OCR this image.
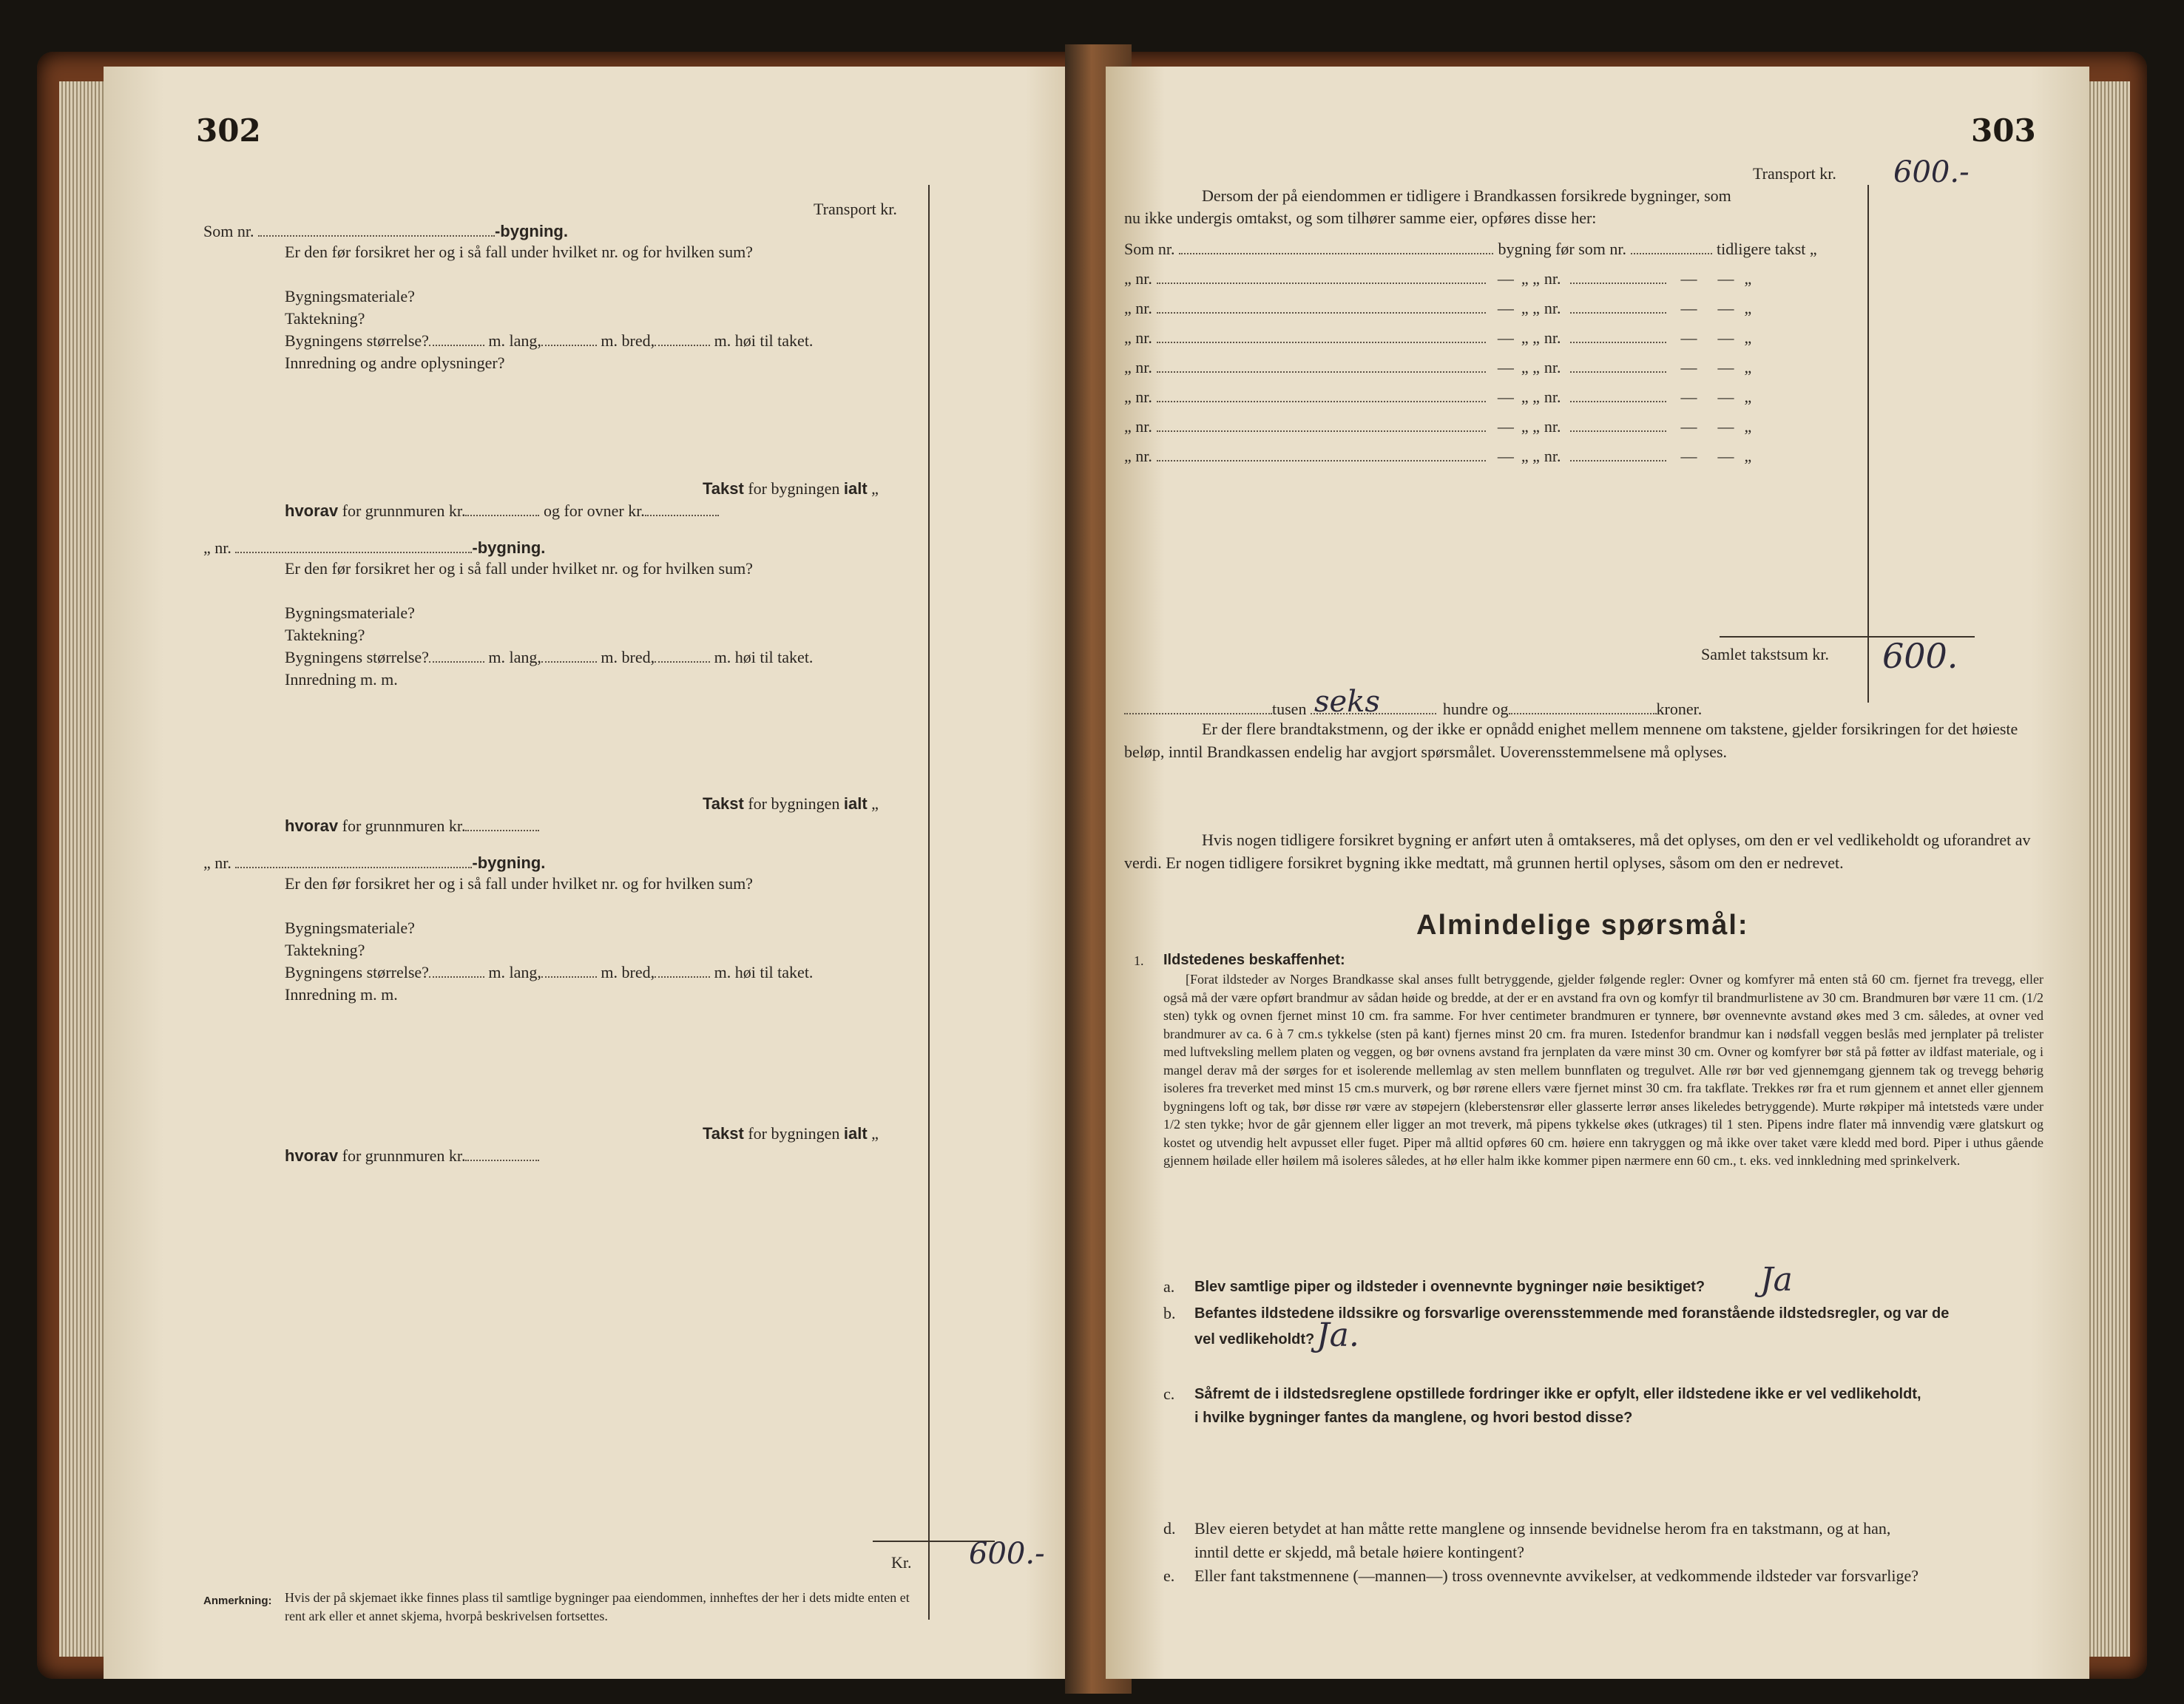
302
Transport kr.
Som nr.	-bygning.
Er den før forsikret her og i så fall under hvilket nr. og for hvilken sum?
Bygningsmateriale?
Taktekning?
Bygningens størrelse?	m. lang,	m. bred,	m. høi til taket.
Innredning og andre oplysninger?
Takst for bygningen ialt „
hvorav for grunnmuren kr.	og for ovner kr.
„ nr.	-bygning.
Er den før forsikret her og i så fall under hvilket nr. og for hvilken sum?
Bygningsmateriale?
Taktekning?
Bygningens størrelse?	m. lang,	m. bred,	m. høi til taket.
Innredning m. m.
Takst for bygningen ialt „
hvorav for grunnmuren kr.
„ nr.	-bygning.
Er den før forsikret her og i så fall under hvilket nr. og for hvilken sum?
Bygningsmateriale?
Taktekning?
Bygningens størrelse?	m. lang,	m. bred,	m. høi til taket.
Innredning m. m.
Takst for bygningen ialt „
hvorav for grunnmuren kr.
Kr. 600.-
Anmerkning: Hvis der på skjemaet ikke finnes plass til samtlige bygninger paa eiendommen, innheftes der her i dets midte enten et
rent ark eller et annet skjema, hvorpå beskrivelsen fortsettes.
303
Transport kr. 600.-
Dersom der på eiendommen er tidligere i Brandkassen forsikrede bygninger, som
nu ikke undergis omtakst, og som tilhører samme eier, opføres disse her:
Som nr.	bygning før som nr.	tidligere takst „
Samlet takstsum kr. 600.
tusen seks	hundre og	kroner.
Er der flere brandtakstmenn, og der ikke er opnådd enighet mellem mennene om takstene, gjelder forsikringen for det høieste beløp, inntil Brandkassen endelig har avgjort spørsmålet. Uoverensstemmelsene må oplyses.
Hvis nogen tidligere forsikret bygning er anført uten å omtakseres, må det oplyses, om den er vel vedlikeholdt og uforandret av verdi. Er nogen tidligere forsikret bygning ikke medtatt, må grunnen hertil oplyses, såsom om den er nedrevet.
Almindelige spørsmål:
1. Ildstedenes beskaffenhet:
[Forat ildsteder av Norges Brandkasse skal anses fullt betryggende, gjelder følgende regler: Ovner og komfyrer må enten stå 60 cm. fjernet fra trevegg, eller også må der være opført brandmur av sådan høide og bredde, at der er en avstand fra ovn og komfyr til brandmurlistene av 30 cm. Brandmuren bør være 11 cm. (1/2 sten) tykk og ovnen fjernet minst 10 cm. fra samme. For hver centimeter brandmuren er tynnere, bør ovennevnte avstand økes med 3 cm. således, at ovner ved brandmurer av ca. 6 à 7 cm.s tykkelse (sten på kant) fjernes minst 20 cm. fra muren. Istedenfor brandmur kan i nødsfall veggen beslås med jernplater på trelister med luftveksling mellem platen og veggen, og bør ovnens avstand fra jernplaten da være minst 30 cm. Ovner og komfyrer bør stå på føtter av ildfast materiale, og i mangel derav må der sørges for et isolerende mellemlag av sten mellem bunnflaten og tregulvet. Alle rør bør ved gjennemgang gjennem tak og trevegg behørig isoleres fra treverket med minst 15 cm.s murverk, og bør rørene ellers være fjernet minst 30 cm. fra takflate. Trekkes rør fra et rum gjennem et annet eller gjennem bygningens loft og tak, bør disse rør være av støpejern (kleberstensrør eller glasserte lerrør anses likeledes betryggende). Murte røkpiper må intetsteds være under 1/2 sten tykke; hvor de går gjennem eller ligger an mot treverk, må pipens tykkelse økes (utkrages) til 1 sten. Pipens indre flater må innvendig være glatskurt og kostet og utvendig helt avpusset eller fuget. Piper må alltid opføres 60 cm. høiere enn takryggen og må ikke over taket være kledd med bord. Piper i uthus gående gjennem høilade eller høilem må isoleres således, at hø eller halm ikke kommer pipen nærmere enn 60 cm., t. eks. ved innkledning med sprinkelverk.
a. Blev samtlige piper og ildsteder i ovennevnte bygninger nøie besiktiget? Ja
b. Befantes ildstedene ildssikre og forsvarlige overensstemmende med foranstående ildstedsregler, og var de
vel vedlikeholdt? Ja.
c. Såfremt de i ildstedsreglene opstillede fordringer ikke er opfylt, eller ildstedene ikke er vel vedlikeholdt,
i hvilke bygninger fantes da manglene, og hvori bestod disse?
d. Blev eieren betydet at han måtte rette manglene og innsende bevidnelse herom fra en takstmann, og at han,
inntil dette er skjedd, må betale høiere kontingent?
e. Eller fant takstmennene (—mannen—) tross ovennevnte avvikelser, at vedkommende ildsteder var forsvarlige?
„ nr.	— „ „ nr.	— — „
„ nr.	— „ „ nr.	— — „
„ nr.	— „ „ nr.	— — „
„ nr.	— „ „ nr.	— — „
„ nr.	— „ „ nr.	— — „
„ nr.	— „ „ nr.	— — „
„ nr.	— „ „ nr.	— — „
